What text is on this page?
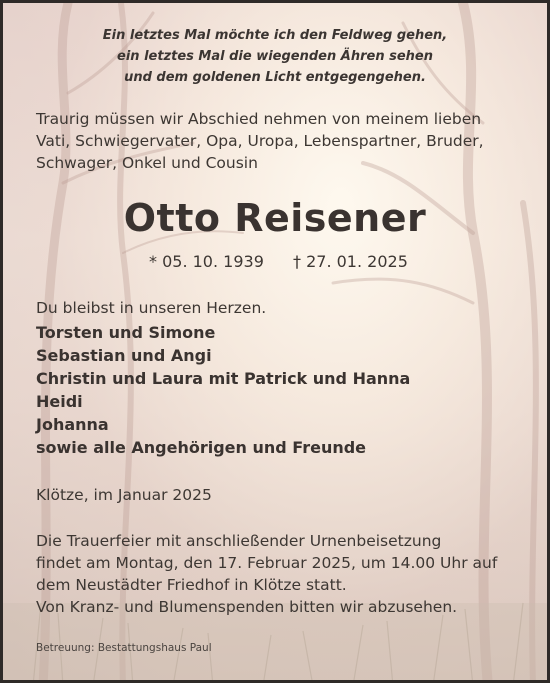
Ein letztes Mal möchte ich den Feldweg gehen,
ein letztes Mal die wiegenden Ähren sehen
und dem goldenen Licht entgegengehen.
Traurig müssen wir Abschied nehmen von meinem lieben
Vati, Schwiegervater, Opa, Uropa, Lebenspartner, Bruder,
Schwager, Onkel und Cousin
Otto Reisener
* 05. 10. 1939 † 27. 01. 2025
Du bleibst in unseren Herzen.
Torsten und Simone
Sebastian und Angi
Christin und Laura mit Patrick und Hanna
Heidi
Johanna
sowie alle Angehörigen und Freunde
Klötze, im Januar 2025
Die Trauerfeier mit anschließender Urnenbeisetzung
findet am Montag, den 17. Februar 2025, um 14.00 Uhr auf
dem Neustädter Friedhof in Klötze statt.
Von Kranz- und Blumenspenden bitten wir abzusehen.
Betreuung: Bestattungshaus Paul
